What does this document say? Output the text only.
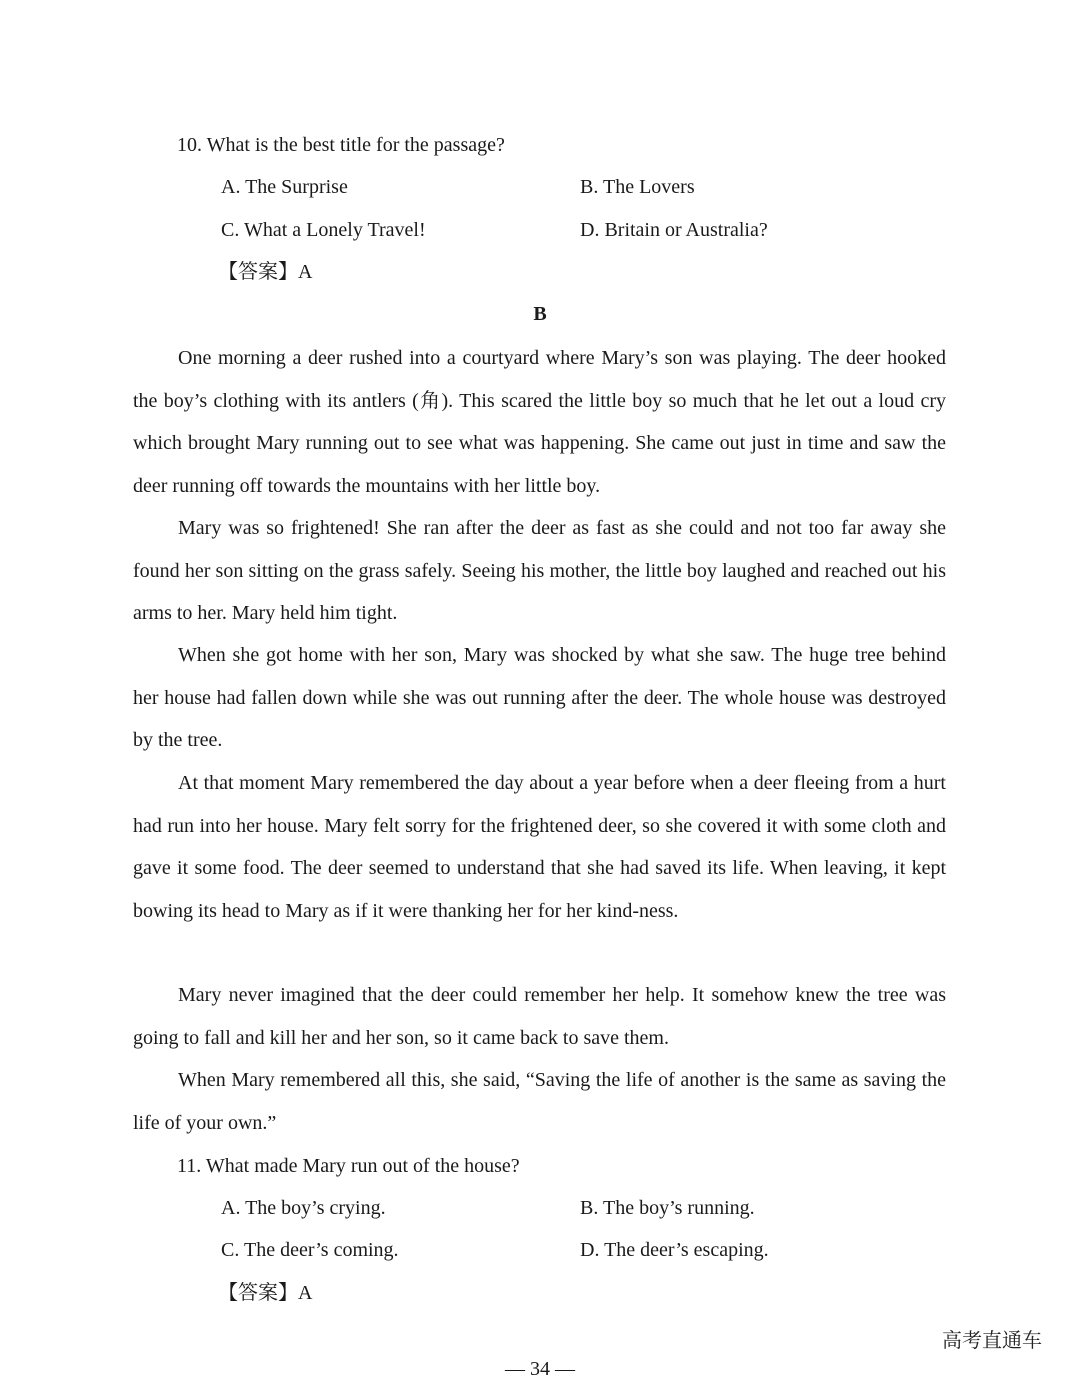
10. What is the best title for the passage?
A. The Surprise	B. The Lovers
C. What a Lonely Travel!	D. Britain or Australia?
【答案】A
B

One morning a deer rushed into a courtyard where Mary’s son was playing. The deer hooked the boy’s clothing with its antlers (角). This scared the little boy so much that he let out a loud cry which brought Mary running out to see what was happening. She came out just in time and saw the deer running off towards the mountains with her little boy.

Mary was so frightened! She ran after the deer as fast as she could and not too far away she found her son sitting on the grass safely. Seeing his mother, the little boy laughed and reached out his arms to her. Mary held him tight.

When she got home with her son, Mary was shocked by what she saw. The huge tree behind her house had fallen down while she was out running after the deer. The whole house was destroyed by the tree.

At that moment Mary remembered the day about a year before when a deer fleeing from a hurt had run into her house. Mary felt sorry for the frightened deer, so she covered it with some cloth and gave it some food. The deer seemed to understand that she had saved its life. When leaving, it kept bowing its head to Mary as if it were thanking her for her kind-ness.

Mary never imagined that the deer could remember her help. It somehow knew the tree was going to fall and kill her and her son, so it came back to save them.

When Mary remembered all this, she said, “Saving the life of another is the same as saving the life of your own.”

11. What made Mary run out of the house?
A. The boy’s crying.	B. The boy’s running.
C. The deer’s coming.	D. The deer’s escaping.
【答案】A
高考直通车
— 34 —
